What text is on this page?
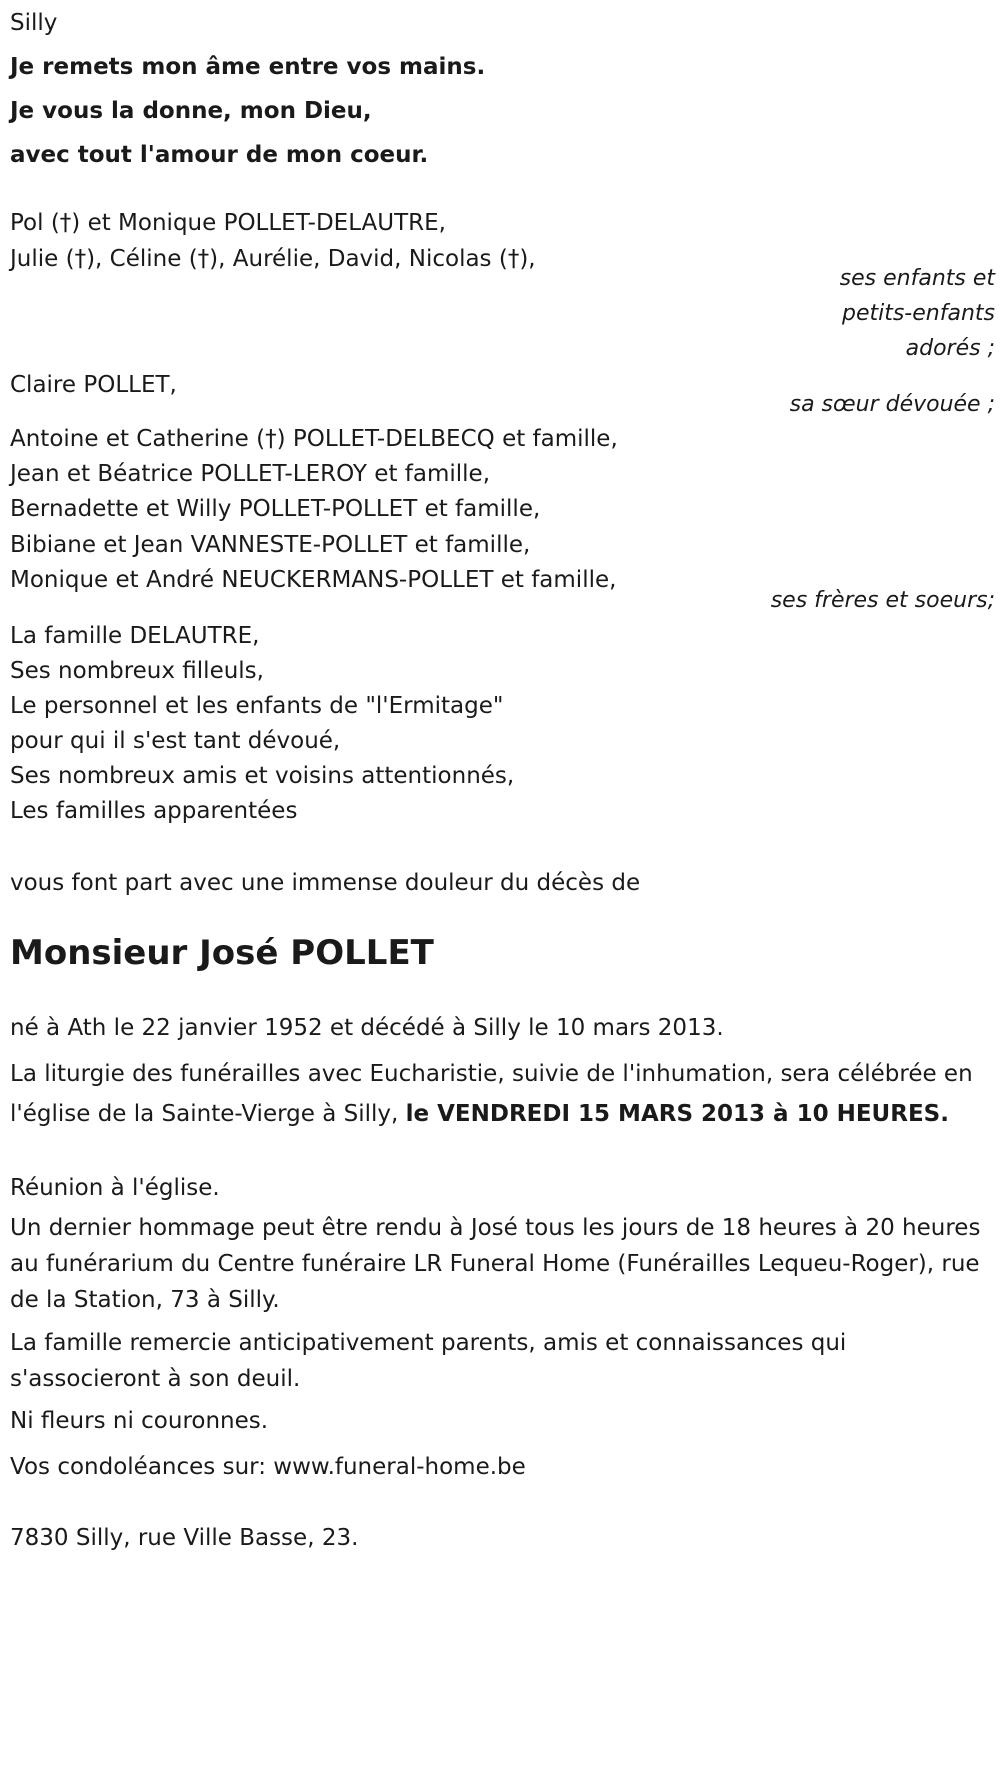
Silly
Je remets mon âme entre vos mains.
Je vous la donne, mon Dieu,
avec tout l'amour de mon coeur.
Pol (†) et Monique POLLET-DELAUTRE,
Julie (†), Céline (†), Aurélie, David, Nicolas (†),
ses enfants et
petits-enfants
adorés ;
Claire POLLET,
sa sœur dévouée ;
Antoine et Catherine (†) POLLET-DELBECQ et famille,
Jean et Béatrice POLLET-LEROY et famille,
Bernadette et Willy POLLET-POLLET et famille,
Bibiane et Jean VANNESTE-POLLET et famille,
Monique et André NEUCKERMANS-POLLET et famille,
ses frères et soeurs;
La famille DELAUTRE,
Ses nombreux filleuls,
Le personnel et les enfants de "l'Ermitage"
pour qui il s'est tant dévoué,
Ses nombreux amis et voisins attentionnés,
Les familles apparentées
vous font part avec une immense douleur du décès de
Monsieur José POLLET
né à Ath le 22 janvier 1952 et décédé à Silly le 10 mars 2013.
La liturgie des funérailles avec Eucharistie, suivie de l'inhumation, sera célébrée en l'église de la Sainte-Vierge à Silly, le VENDREDI 15 MARS 2013 à 10 HEURES.
Réunion à l'église.
Un dernier hommage peut être rendu à José tous les jours de 18 heures à 20 heures au funérarium du Centre funéraire LR Funeral Home (Funérailles Lequeu-Roger), rue de la Station, 73 à Silly.
La famille remercie anticipativement parents, amis et connaissances qui s'associeront à son deuil.
Ni fleurs ni couronnes.
Vos condoléances sur: www.funeral-home.be
7830 Silly, rue Ville Basse, 23.
